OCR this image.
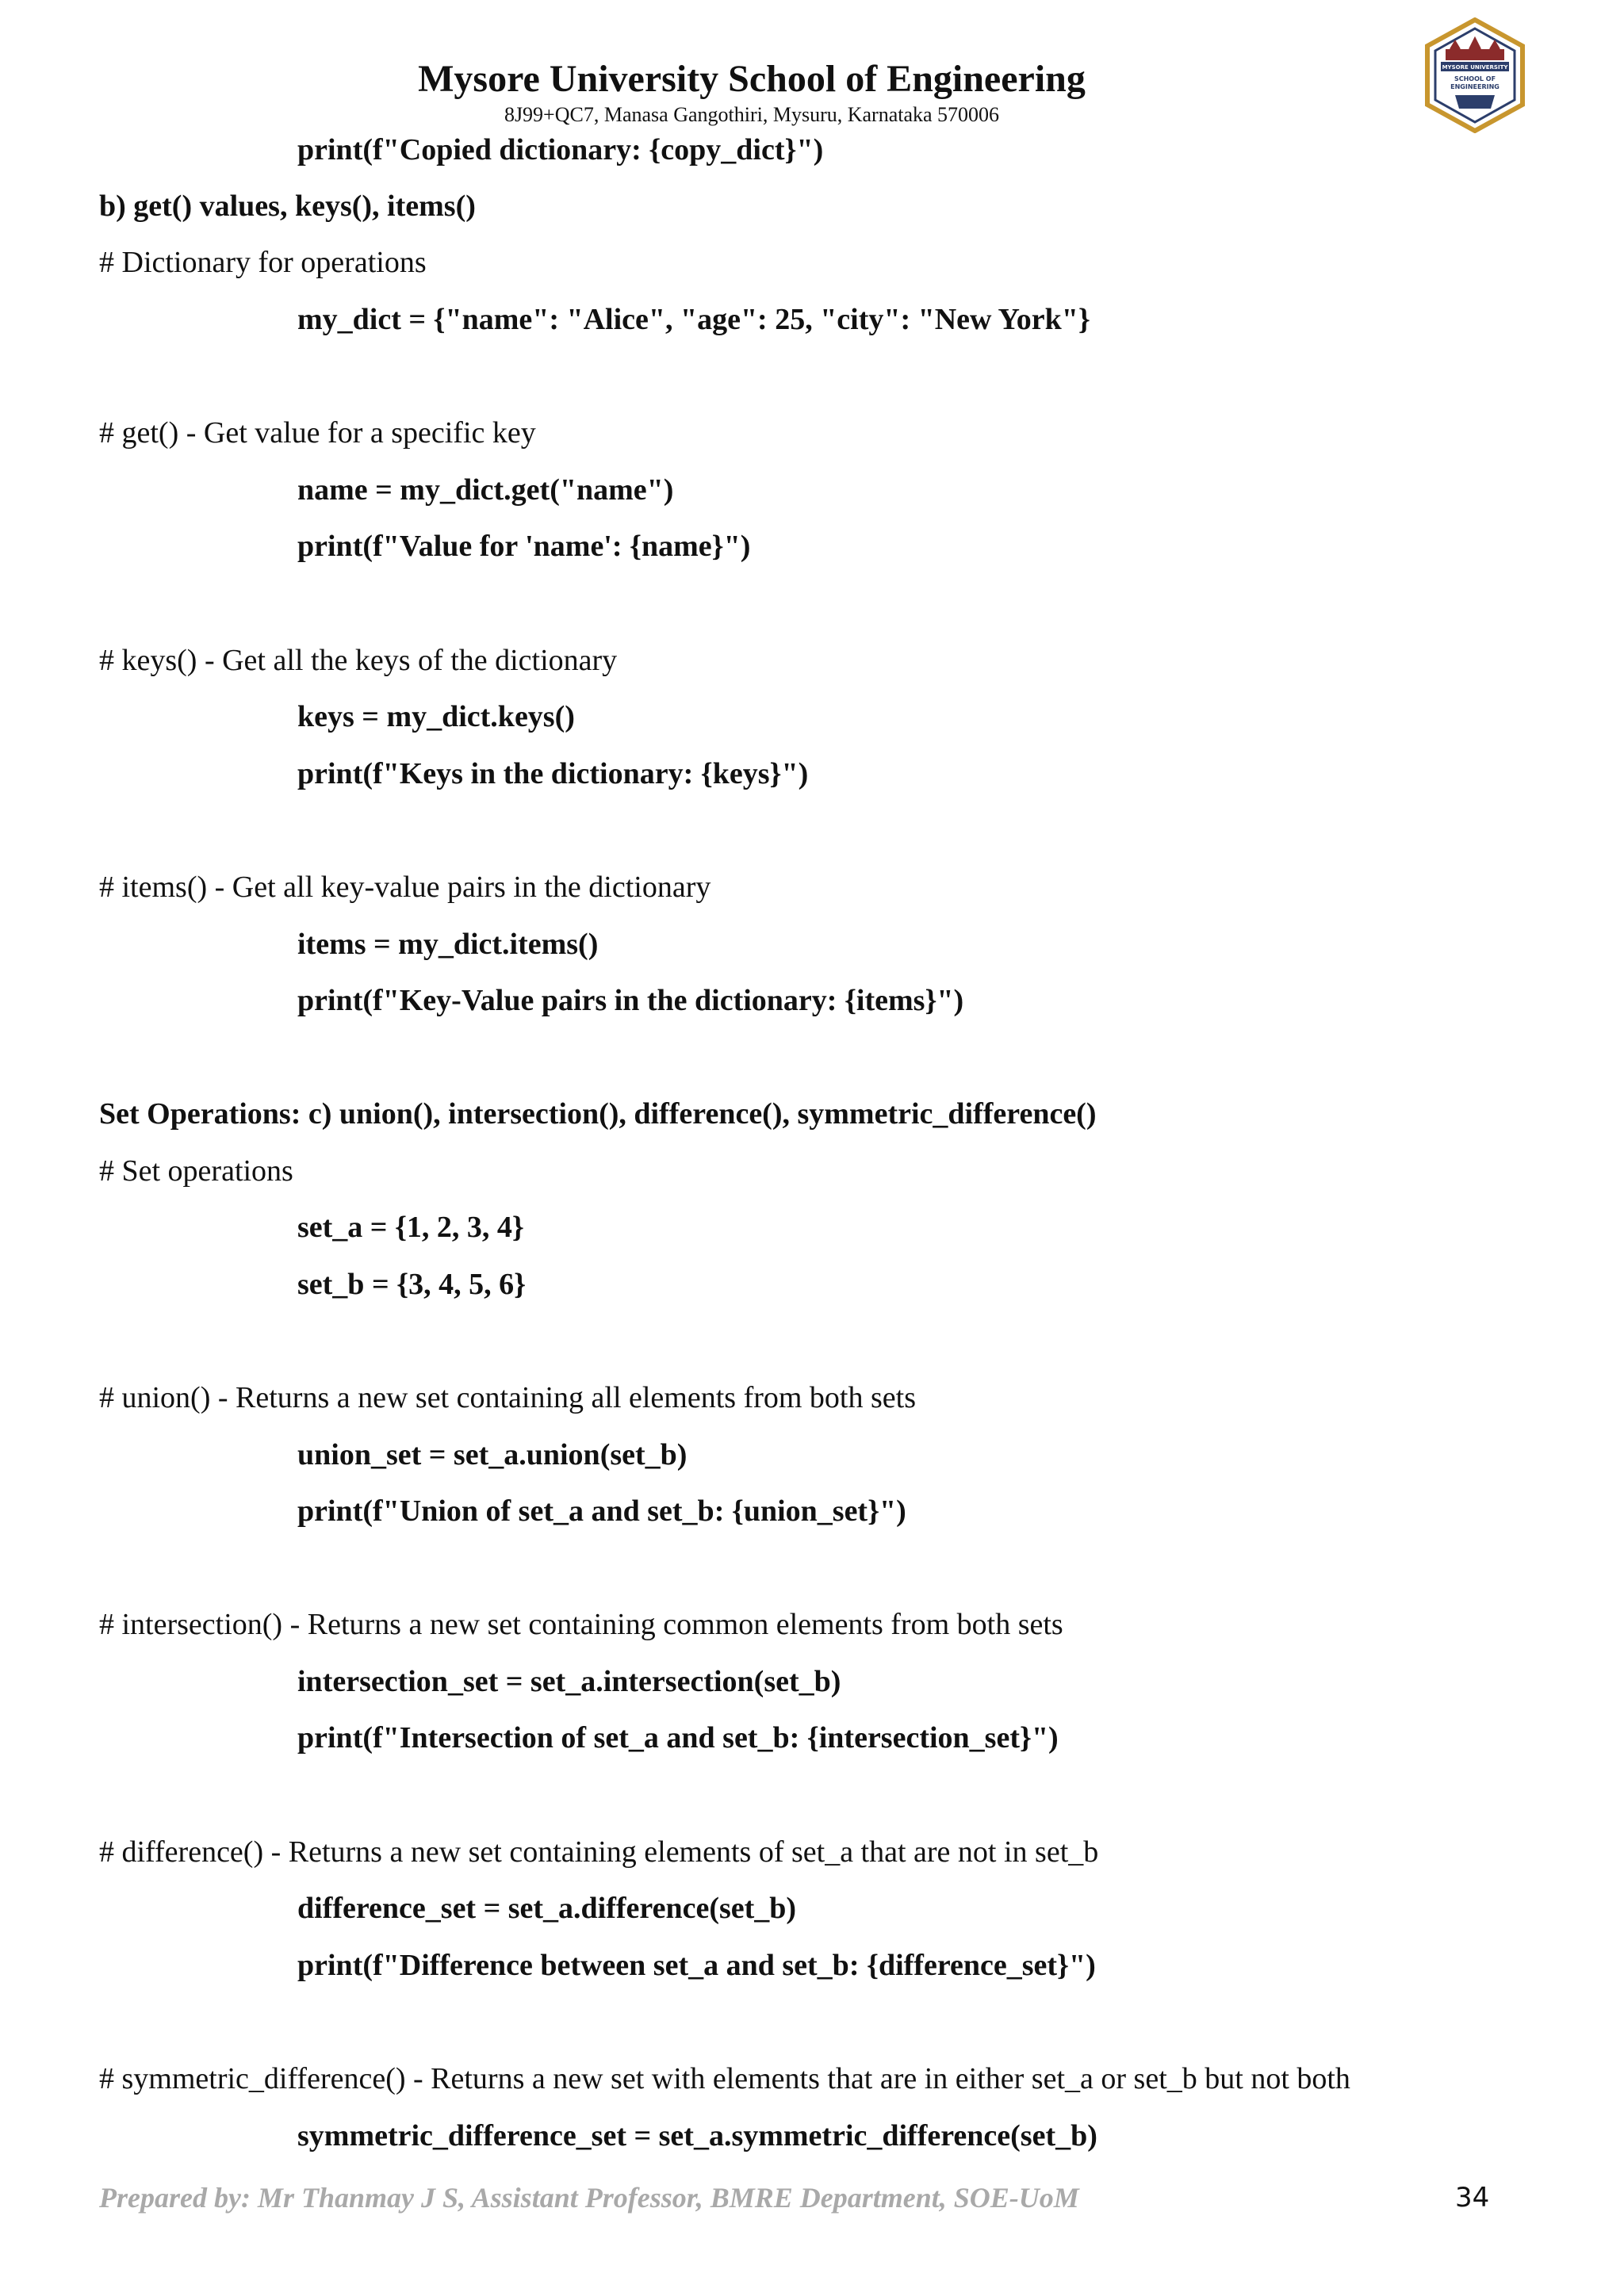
Mysore University School of Engineering
8J99+QC7, Manasa Gangothiri, Mysuru, Karnataka 570006
MYSORE UNIVERSITY
SCHOOL OF
ENGINEERING
print(f"Copied dictionary: {copy_dict}")
b) get() values, keys(), items()
# Dictionary for operations
my_dict = {"name": "Alice", "age": 25, "city": "New York"}
# get() - Get value for a specific key
name = my_dict.get("name")
print(f"Value for 'name': {name}")
# keys() - Get all the keys of the dictionary
keys = my_dict.keys()
print(f"Keys in the dictionary: {keys}")
# items() - Get all key-value pairs in the dictionary
items = my_dict.items()
print(f"Key-Value pairs in the dictionary: {items}")
Set Operations: c) union(), intersection(), difference(), symmetric_difference()
# Set operations
set_a = {1, 2, 3, 4}
set_b = {3, 4, 5, 6}
# union() - Returns a new set containing all elements from both sets
union_set = set_a.union(set_b)
print(f"Union of set_a and set_b: {union_set}")
# intersection() - Returns a new set containing common elements from both sets
intersection_set = set_a.intersection(set_b)
print(f"Intersection of set_a and set_b: {intersection_set}")
# difference() - Returns a new set containing elements of set_a that are not in set_b
difference_set = set_a.difference(set_b)
print(f"Difference between set_a and set_b: {difference_set}")
# symmetric_difference() - Returns a new set with elements that are in either set_a or set_b but not both
symmetric_difference_set = set_a.symmetric_difference(set_b)
Prepared by: Mr Thanmay J S, Assistant Professor, BMRE Department, SOE-UoM	34
